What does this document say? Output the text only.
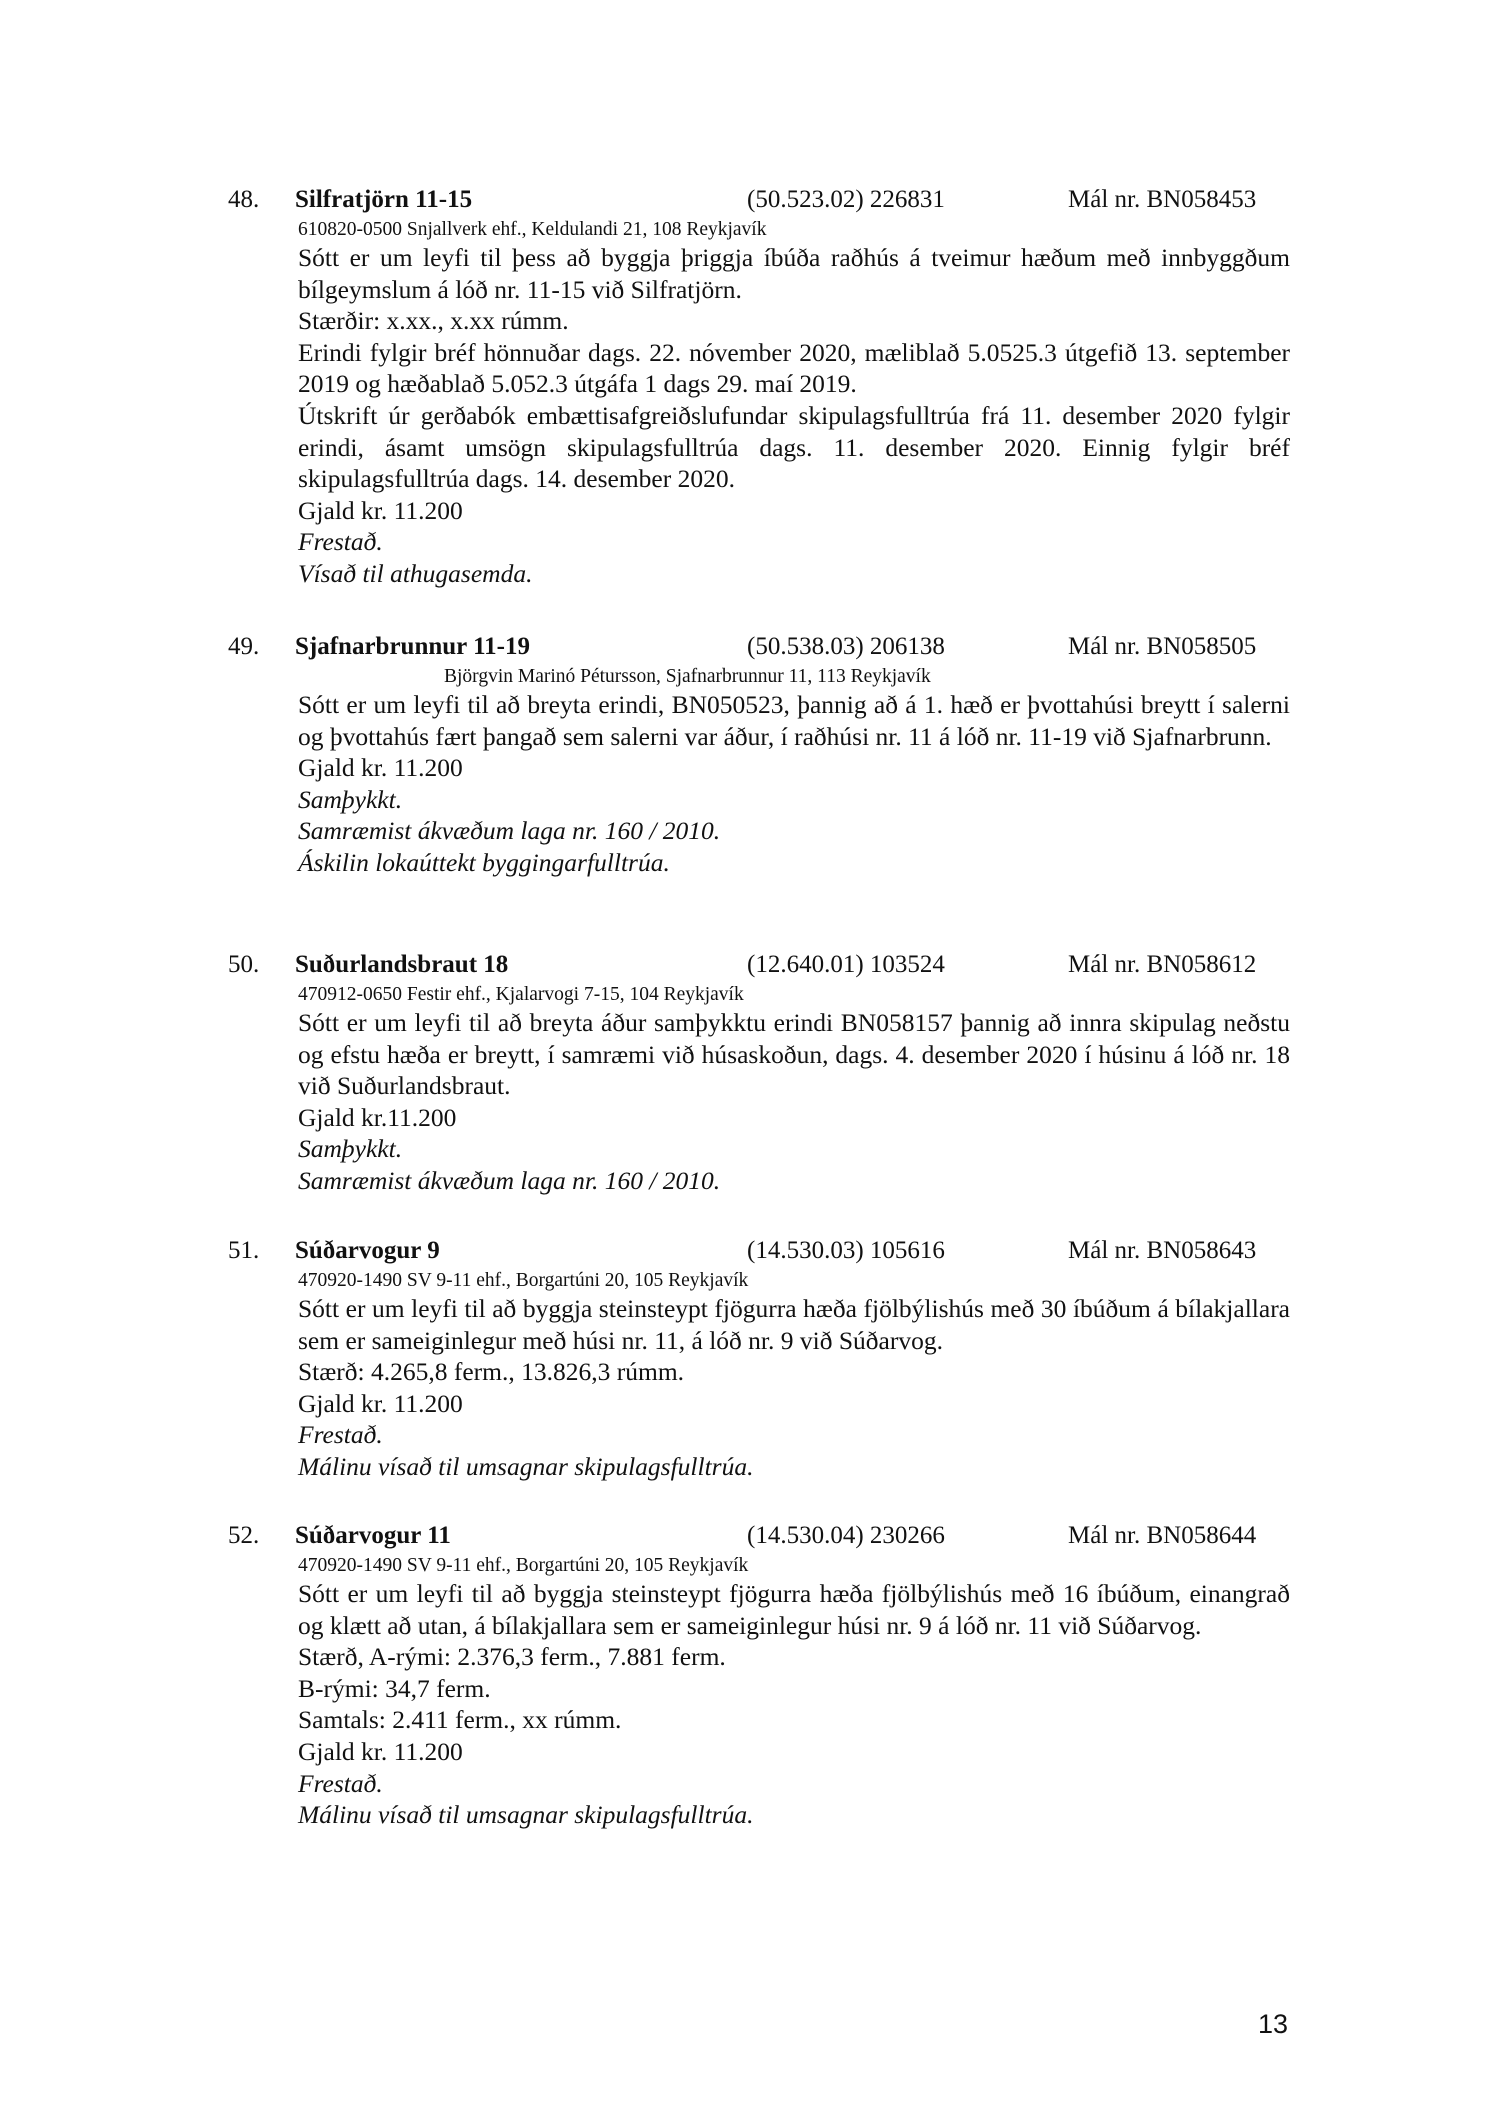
48. Silfratjörn 11-15	(50.523.02) 226831	Mál nr. BN058453
610820-0500 Snjallverk ehf., Keldulandi 21, 108 Reykjavík

Sótt er um leyfi til þess að byggja þriggja íbúða raðhús á tveimur hæðum með innbyggðum bílgeymslum á lóð nr. 11-15 við Silfratjörn.

Stærðir: x.xx., x.xx rúmm.

Erindi fylgir bréf hönnuðar dags. 22. nóvember 2020, mæliblað 5.0525.3 útgefið 13. september 2019 og hæðablað 5.052.3 útgáfa 1 dags 29. maí 2019.

Útskrift úr gerðabók embættisafgreiðslufundar skipulagsfulltrúa frá 11. desember 2020 fylgir erindi, ásamt umsögn skipulagsfulltrúa dags. 11. desember 2020. Einnig fylgir bréf skipulagsfulltrúa dags. 14. desember 2020.

Gjald kr. 11.200

Frestað.

Vísað til athugasemda.

49. Sjafnarbrunnur 11-19	(50.538.03) 206138	Mál nr. BN058505
Björgvin Marinó Pétursson, Sjafnarbrunnur 11, 113 Reykjavík

Sótt er um leyfi til að breyta erindi, BN050523, þannig að á 1. hæð er þvottahúsi breytt í salerni og þvottahús fært þangað sem salerni var áður, í raðhúsi nr. 11 á lóð nr. 11-19 við Sjafnarbrunn.

Gjald kr. 11.200

Samþykkt.

Samræmist ákvæðum laga nr. 160 / 2010.

Áskilin lokaúttekt byggingarfulltrúa.

50. Suðurlandsbraut 18	(12.640.01) 103524	Mál nr. BN058612
470912-0650 Festir ehf., Kjalarvogi 7-15, 104 Reykjavík

Sótt er um leyfi til að breyta áður samþykktu erindi BN058157 þannig að innra skipulag neðstu og efstu hæða er breytt, í samræmi við húsaskoðun, dags. 4. desember 2020 í húsinu á lóð nr. 18 við Suðurlandsbraut.

Gjald kr.11.200

Samþykkt.

Samræmist ákvæðum laga nr. 160 / 2010.

51. Súðarvogur 9	(14.530.03) 105616	Mál nr. BN058643
470920-1490 SV 9-11 ehf., Borgartúni 20, 105 Reykjavík

Sótt er um leyfi til að byggja steinsteypt fjögurra hæða fjölbýlishús með 30 íbúðum á bílakjallara sem er sameiginlegur með húsi nr. 11, á lóð nr. 9 við Súðarvog.

Stærð: 4.265,8 ferm., 13.826,3 rúmm.

Gjald kr. 11.200

Frestað.

Málinu vísað til umsagnar skipulagsfulltrúa.

52. Súðarvogur 11	(14.530.04) 230266	Mál nr. BN058644
470920-1490 SV 9-11 ehf., Borgartúni 20, 105 Reykjavík

Sótt er um leyfi til að byggja steinsteypt fjögurra hæða fjölbýlishús með 16 íbúðum, einangrað og klætt að utan, á bílakjallara sem er sameiginlegur húsi nr. 9 á lóð nr. 11 við Súðarvog.

Stærð, A-rými: 2.376,3 ferm., 7.881 ferm.

B-rými: 34,7 ferm.

Samtals: 2.411 ferm., xx rúmm.

Gjald kr. 11.200

Frestað.

Málinu vísað til umsagnar skipulagsfulltrúa.

13
